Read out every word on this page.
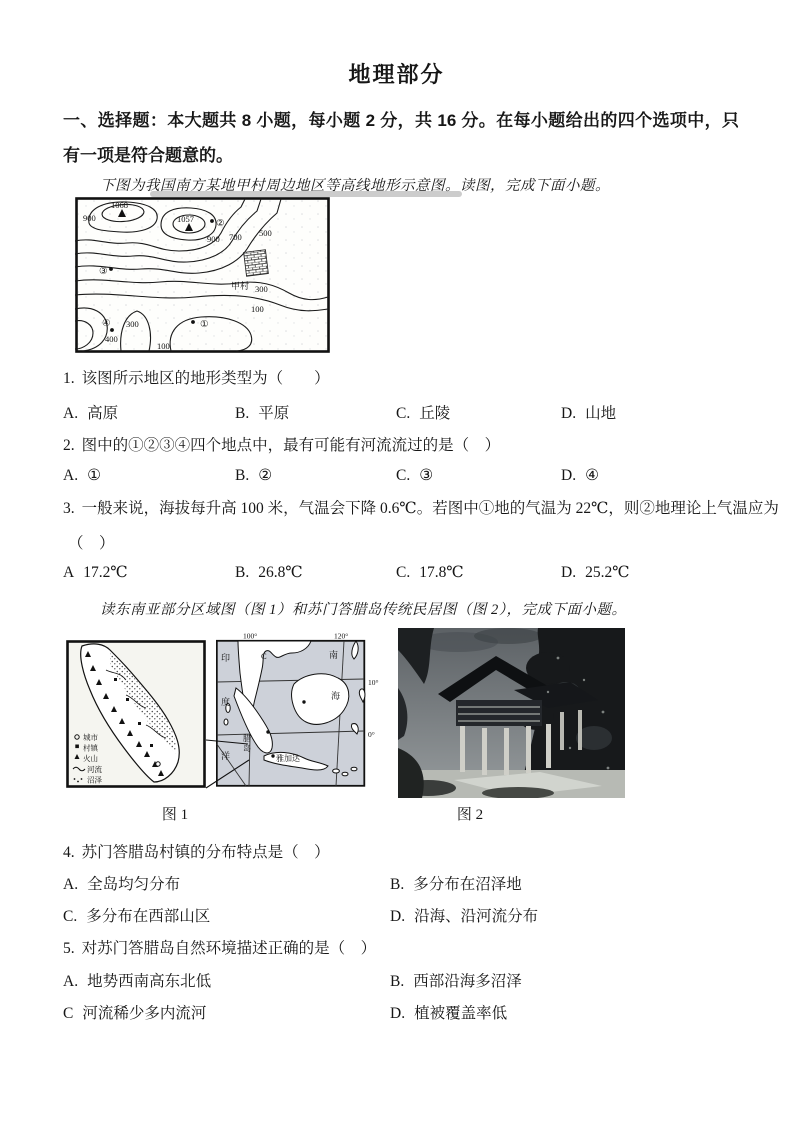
地理部分
一、选择题：本大题共 8 小题，每小题 2 分，共 16 分。在每小题给出的四个选项中，只有一项是符合题意的。
下图为我国南方某地甲村周边地区等高线地形示意图。读图，完成下面小题。
900
1068
1057
900 700 500
300
100
400
300
100
②
③
④	①
甲村
1. 该图所示地区的地形类型为（　　）
A. 高原	B. 平原	C. 丘陵	D. 山地
2. 图中的①②③④四个地点中，最有可能有河流流过的是（　）
A. ①	B. ②	C. ③	D. ④
3. 一般来说，海拔每升高 100 米，气温会下降 0.6℃。若图中①地的气温为 22℃，则②地理论上气温应为
（　）
A 17.2℃	B. 26.8℃	C. 17.8℃	D. 25.2℃
读东南亚部分区域图（图 1）和苏门答腊岛传统民居图（图 2），完成下面小题。
城市
村镇
火山
河流
沼泽
印
度
洋
南
海
C
腊
岛
雅加达
100°	120°
10°
0°
图 1	图 2
4. 苏门答腊岛村镇的分布特点是（　）
A. 全岛均匀分布	B. 多分布在沼泽地
C. 多分布在西部山区	D. 沿海、沿河流分布
5. 对苏门答腊岛自然环境描述正确的是（　）
A. 地势西南高东北低	B. 西部沿海多沼泽
C 河流稀少多内流河	D. 植被覆盖率低
